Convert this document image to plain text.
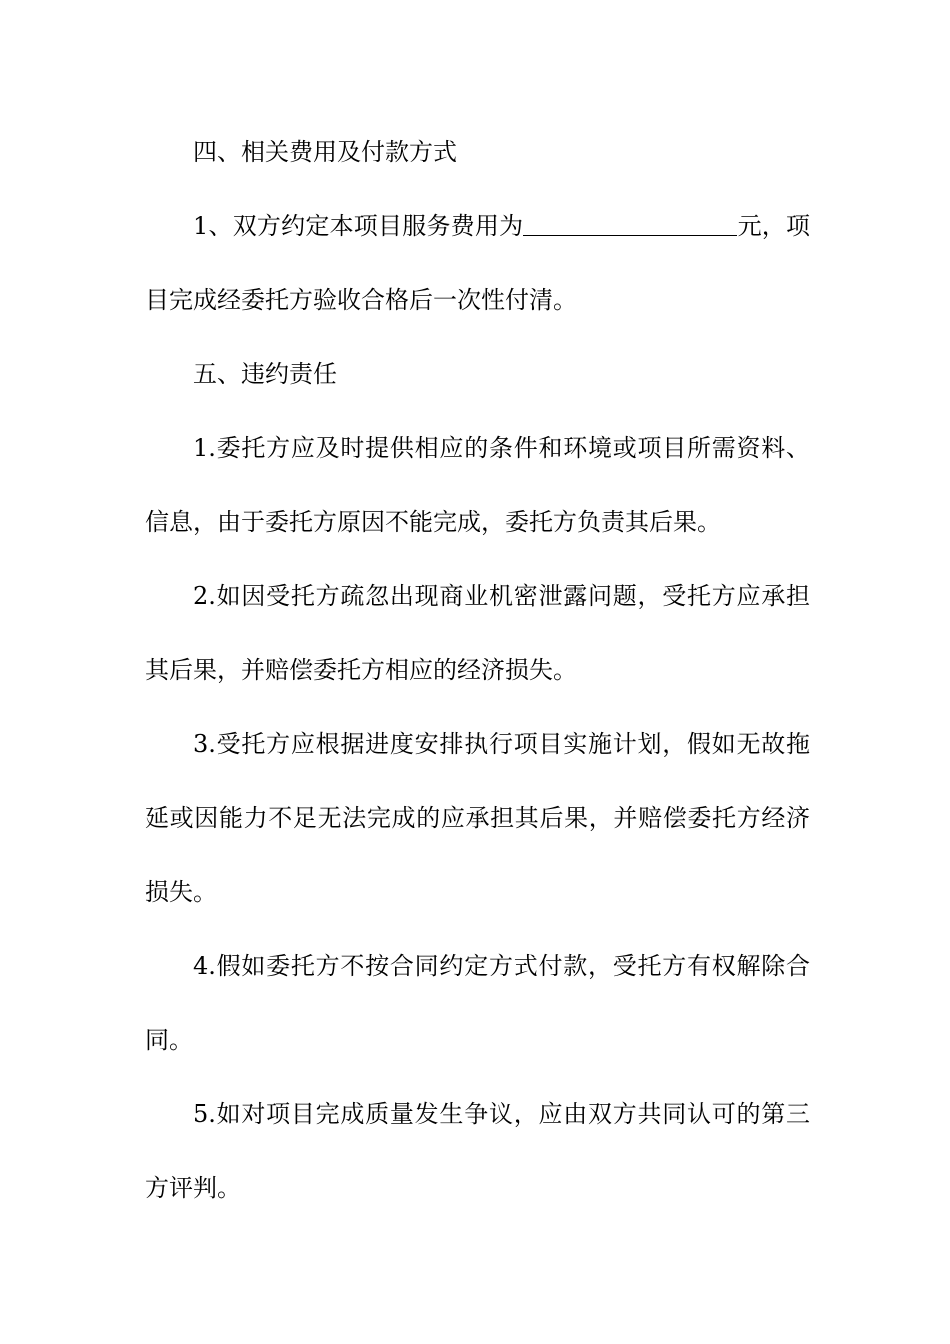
四、相关费用及付款方式

1、双方约定本项目服务费用为	元，项目完成经委托方验收合格后一次性付清。

五、违约责任

1.委托方应及时提供相应的条件和环境或项目所需资料、信息，由于委托方原因不能完成，委托方负责其后果。

2.如因受托方疏忽出现商业机密泄露问题，受托方应承担其后果，并赔偿委托方相应的经济损失。

3.受托方应根据进度安排执行项目实施计划，假如无故拖延或因能力不足无法完成的应承担其后果，并赔偿委托方经济损失。

4.假如委托方不按合同约定方式付款，受托方有权解除合同。

5.如对项目完成质量发生争议，应由双方共同认可的第三方评判。
